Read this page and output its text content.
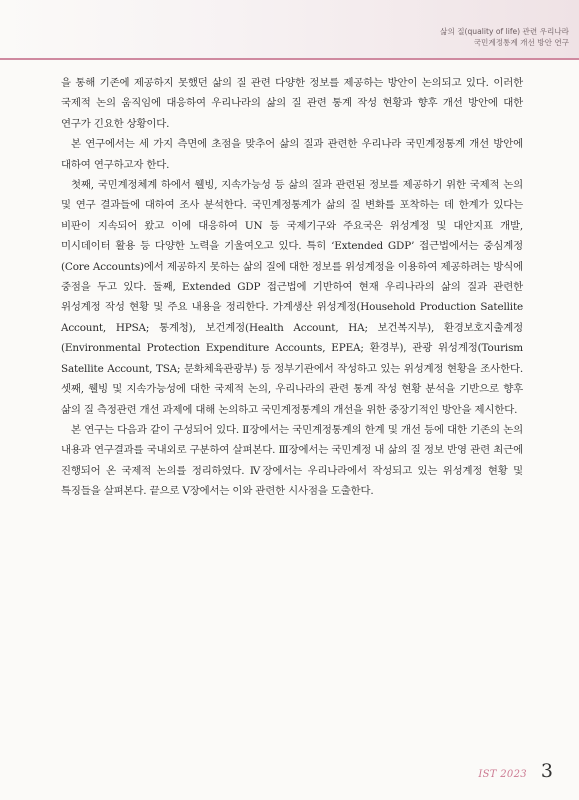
삶의 질(quality of life) 관련 우리나라
국민계정통계 개선 방안 연구

을 통해 기존에 제공하지 못했던 삶의 질 관련 다양한 정보를 제공하는 방안이 논의되고 있다. 이러한 국제적 논의 움직임에 대응하여 우리나라의 삶의 질 관련 통계 작성 현황과 향후 개선 방안에 대한 연구가 긴요한 상황이다.

본 연구에서는 세 가지 측면에 초점을 맞추어 삶의 질과 관련한 우리나라 국민계정통계 개선 방안에 대하여 연구하고자 한다.

첫째, 국민계정체계 하에서 웰빙, 지속가능성 등 삶의 질과 관련된 정보를 제공하기 위한 국제적 논의 및 연구 결과들에 대하여 조사 분석한다. 국민계정통계가 삶의 질 변화를 포착하는 데 한계가 있다는 비판이 지속되어 왔고 이에 대응하여 UN 등 국제기구와 주요국은 위성계정 및 대안지표 개발, 미시데이터 활용 등 다양한 노력을 기울여오고 있다. 특히 ‘Extended GDP’ 접근법에서는 중심계정(Core Accounts)에서 제공하지 못하는 삶의 질에 대한 정보를 위성계정을 이용하여 제공하려는 방식에 중점을 두고 있다. 둘째, Extended GDP 접근법에 기반하여 현재 우리나라의 삶의 질과 관련한 위성계정 작성 현황 및 주요 내용을 정리한다. 가계생산 위성계정(Household Production Satellite Account, HPSA; 통계청), 보건계정(Health Account, HA; 보건복지부), 환경보호지출계정(Environmental Protection Expenditure Accounts, EPEA; 환경부), 관광 위성계정(Tourism Satellite Account, TSA; 문화체육관광부) 등 정부기관에서 작성하고 있는 위성계정 현황을 조사한다. 셋째, 웰빙 및 지속가능성에 대한 국제적 논의, 우리나라의 관련 통계 작성 현황 분석을 기반으로 향후 삶의 질 측정관련 개선 과제에 대해 논의하고 국민계정통계의 개선을 위한 중장기적인 방안을 제시한다.

본 연구는 다음과 같이 구성되어 있다. Ⅱ장에서는 국민계정통계의 한계 및 개선 등에 대한 기존의 논의 내용과 연구결과를 국내외로 구분하여 살펴본다. Ⅲ장에서는 국민계정 내 삶의 질 정보 반영 관련 최근에 진행되어 온 국제적 논의를 정리하였다. Ⅳ장에서는 우리나라에서 작성되고 있는 위성계정 현황 및 특징들을 살펴본다. 끝으로 Ⅴ장에서는 이와 관련한 시사점을 도출한다.

IST 2023 3
